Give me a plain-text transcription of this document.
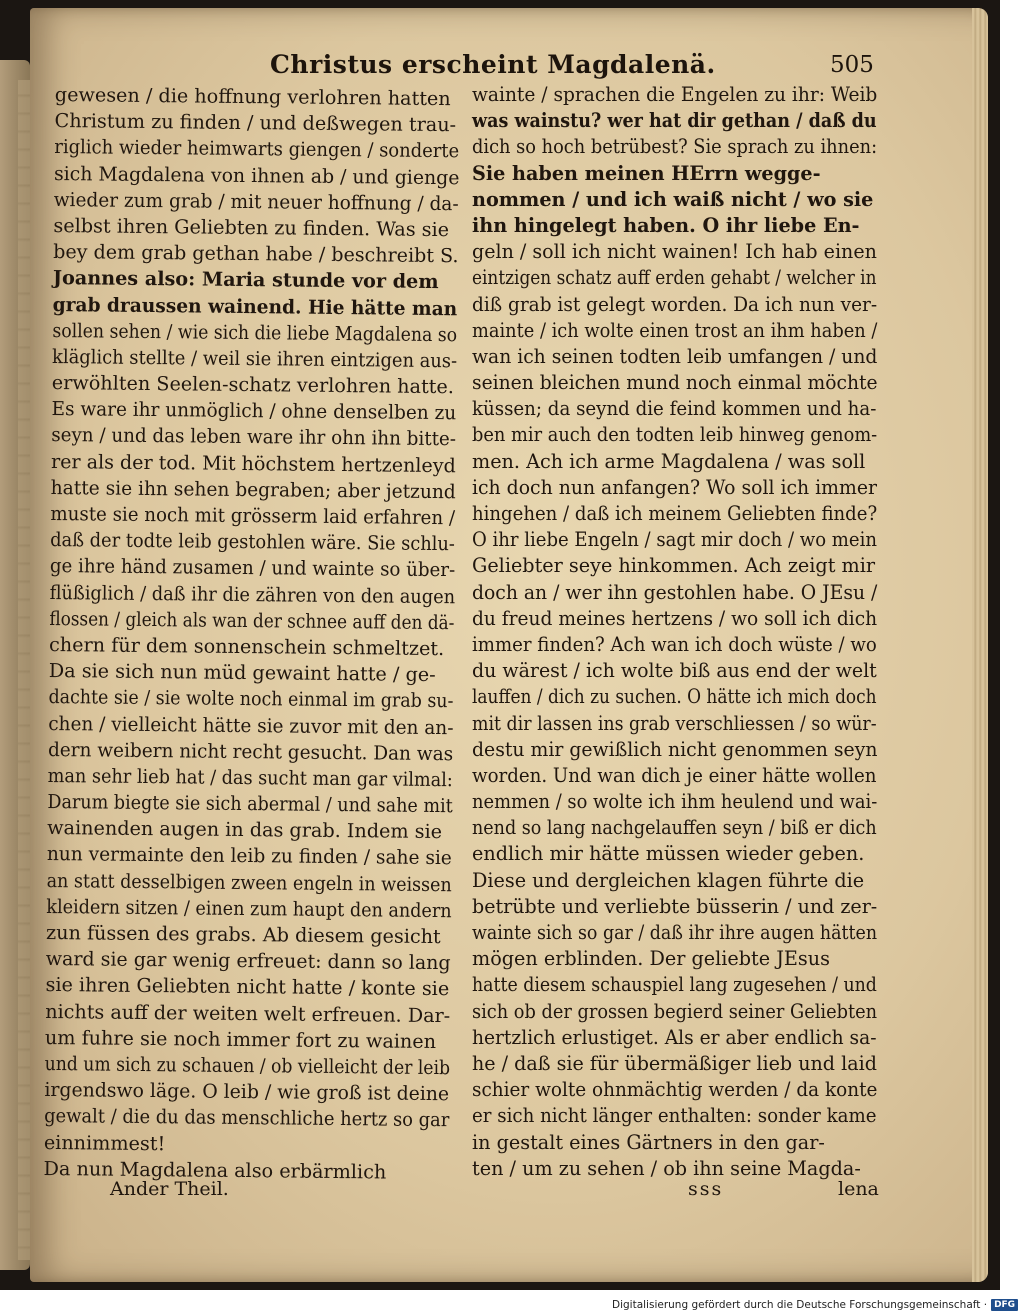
Christus erscheint Magdalenä.	505
gewesen / die hoffnung verlohren hatten
Christum zu finden / und deßwegen trau-
riglich wieder heimwarts giengen / sonderte
sich Magdalena von ihnen ab / und gienge
wieder zum grab / mit neuer hoffnung / da-
selbst ihren Geliebten zu finden. Was sie
bey dem grab gethan habe / beschreibt S.
Joannes also: Maria stunde vor dem
grab draussen wainend. Hie hätte man
sollen sehen / wie sich die liebe Magdalena so
kläglich stellte / weil sie ihren eintzigen aus-
erwöhlten Seelen-schatz verlohren hatte.
Es ware ihr unmöglich / ohne denselben zu
seyn / und das leben ware ihr ohn ihn bitte-
rer als der tod. Mit höchstem hertzenleyd
hatte sie ihn sehen begraben; aber jetzund
muste sie noch mit grösserm laid erfahren /
daß der todte leib gestohlen wäre. Sie schlu-
ge ihre händ zusamen / und wainte so über-
flüßiglich / daß ihr die zähren von den augen
flossen / gleich als wan der schnee auff den dä-
chern für dem sonnenschein schmeltzet.
Da sie sich nun müd gewaint hatte / ge-
dachte sie / sie wolte noch einmal im grab su-
chen / vielleicht hätte sie zuvor mit den an-
dern weibern nicht recht gesucht. Dan was
man sehr lieb hat / das sucht man gar vilmal:
Darum biegte sie sich abermal / und sahe mit
wainenden augen in das grab. Indem sie
nun vermainte den leib zu finden / sahe sie
an statt desselbigen zween engeln in weissen
kleidern sitzen / einen zum haupt den andern
zun füssen des grabs. Ab diesem gesicht
ward sie gar wenig erfreuet: dann so lang
sie ihren Geliebten nicht hatte / konte sie
nichts auff der weiten welt erfreuen. Dar-
um fuhre sie noch immer fort zu wainen
und um sich zu schauen / ob vielleicht der leib
irgendswo läge. O leib / wie groß ist deine
gewalt / die du das menschliche hertz so gar
einnimmest!
Da nun Magdalena also erbärmlich
wainte / sprachen die Engelen zu ihr: Weib
was wainstu? wer hat dir gethan / daß du
dich so hoch betrübest? Sie sprach zu ihnen:
Sie haben meinen HErrn wegge-
nommen / und ich waiß nicht / wo sie
ihn hingelegt haben. O ihr liebe En-
geln / soll ich nicht wainen! Ich hab einen
eintzigen schatz auff erden gehabt / welcher in
diß grab ist gelegt worden. Da ich nun ver-
mainte / ich wolte einen trost an ihm haben /
wan ich seinen todten leib umfangen / und
seinen bleichen mund noch einmal möchte
küssen; da seynd die feind kommen und ha-
ben mir auch den todten leib hinweg genom-
men. Ach ich arme Magdalena / was soll
ich doch nun anfangen? Wo soll ich immer
hingehen / daß ich meinem Geliebten finde?
O ihr liebe Engeln / sagt mir doch / wo mein
Geliebter seye hinkommen. Ach zeigt mir
doch an / wer ihn gestohlen habe. O JEsu /
du freud meines hertzens / wo soll ich dich
immer finden? Ach wan ich doch wüste / wo
du wärest / ich wolte biß aus end der welt
lauffen / dich zu suchen. O hätte ich mich doch
mit dir lassen ins grab verschliessen / so wür-
destu mir gewißlich nicht genommen seyn
worden. Und wan dich je einer hätte wollen
nemmen / so wolte ich ihm heulend und wai-
nend so lang nachgelauffen seyn / biß er dich
endlich mir hätte müssen wieder geben.
Diese und dergleichen klagen führte die
betrübte und verliebte büsserin / und zer-
wainte sich so gar / daß ihr ihre augen hätten
mögen erblinden. Der geliebte JEsus
hatte diesem schauspiel lang zugesehen / und
sich ob der grossen begierd seiner Geliebten
hertzlich erlustiget. Als er aber endlich sa-
he / daß sie für übermäßiger lieb und laid
schier wolte ohnmächtig werden / da konte
er sich nicht länger enthalten: sonder kame
in gestalt eines Gärtners in den gar-
ten / um zu sehen / ob ihn seine Magda-
Ander Theil.	sss	lena
Digitalisierung gefördert durch die Deutsche Forschungsgemeinschaft · DFG
